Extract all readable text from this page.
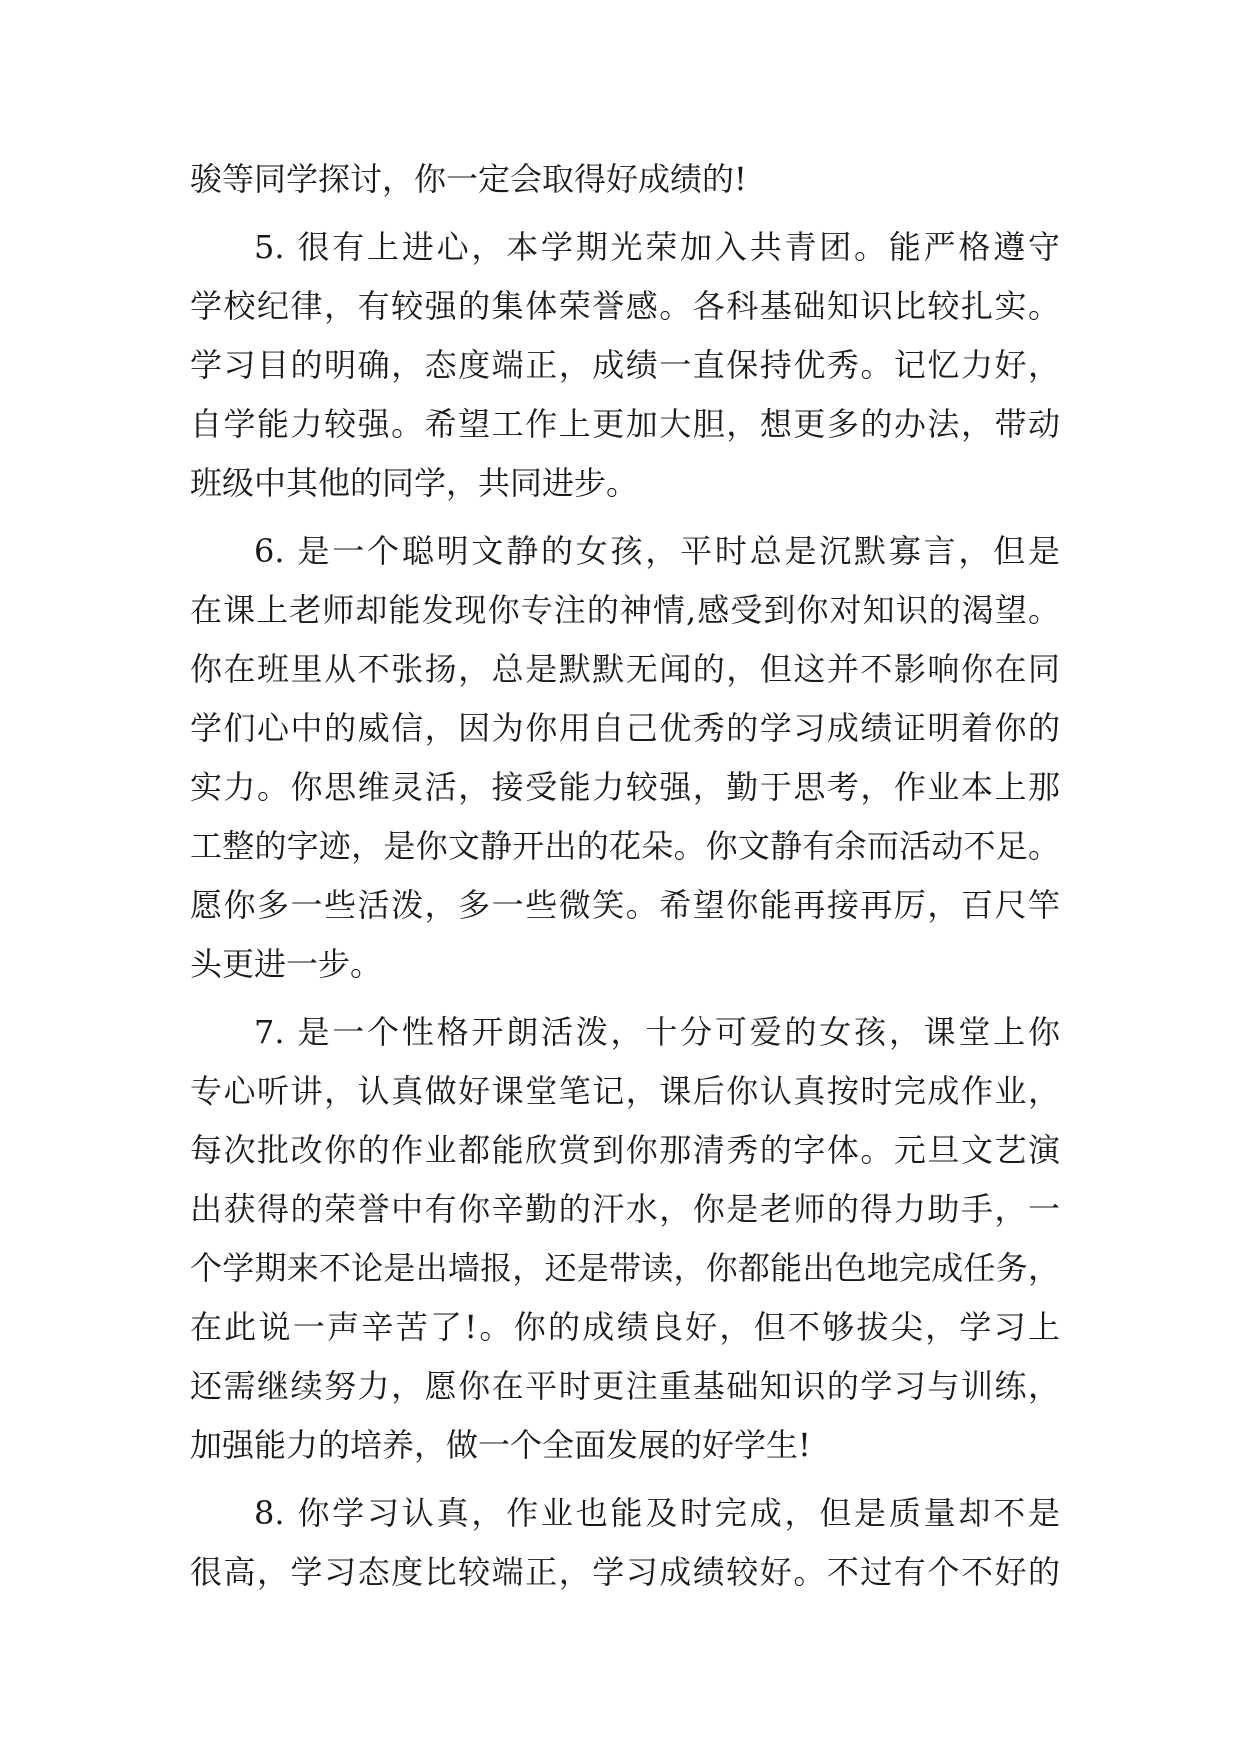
骏等同学探讨，你一定会取得好成绩的!
5. 很有上进心，本学期光荣加入共青团。能严格遵守
学校纪律，有较强的集体荣誉感。各科基础知识比较扎实。
学习目的明确，态度端正，成绩一直保持优秀。记忆力好，
自学能力较强。希望工作上更加大胆，想更多的办法，带动
班级中其他的同学，共同进步。
6. 是一个聪明文静的女孩，平时总是沉默寡言，但是
在课上老师却能发现你专注的神情,感受到你对知识的渴望。
你在班里从不张扬，总是默默无闻的，但这并不影响你在同
学们心中的威信，因为你用自己优秀的学习成绩证明着你的
实力。你思维灵活，接受能力较强，勤于思考，作业本上那
工整的字迹，是你文静开出的花朵。你文静有余而活动不足。
愿你多一些活泼，多一些微笑。希望你能再接再厉，百尺竿
头更进一步。
7. 是一个性格开朗活泼，十分可爱的女孩，课堂上你
专心听讲，认真做好课堂笔记，课后你认真按时完成作业，
每次批改你的作业都能欣赏到你那清秀的字体。元旦文艺演
出获得的荣誉中有你辛勤的汗水，你是老师的得力助手，一
个学期来不论是出墙报，还是带读，你都能出色地完成任务，
在此说一声辛苦了!。你的成绩良好，但不够拔尖，学习上
还需继续努力，愿你在平时更注重基础知识的学习与训练，
加强能力的培养，做一个全面发展的好学生!
8. 你学习认真，作业也能及时完成，但是质量却不是
很高，学习态度比较端正，学习成绩较好。不过有个不好的
